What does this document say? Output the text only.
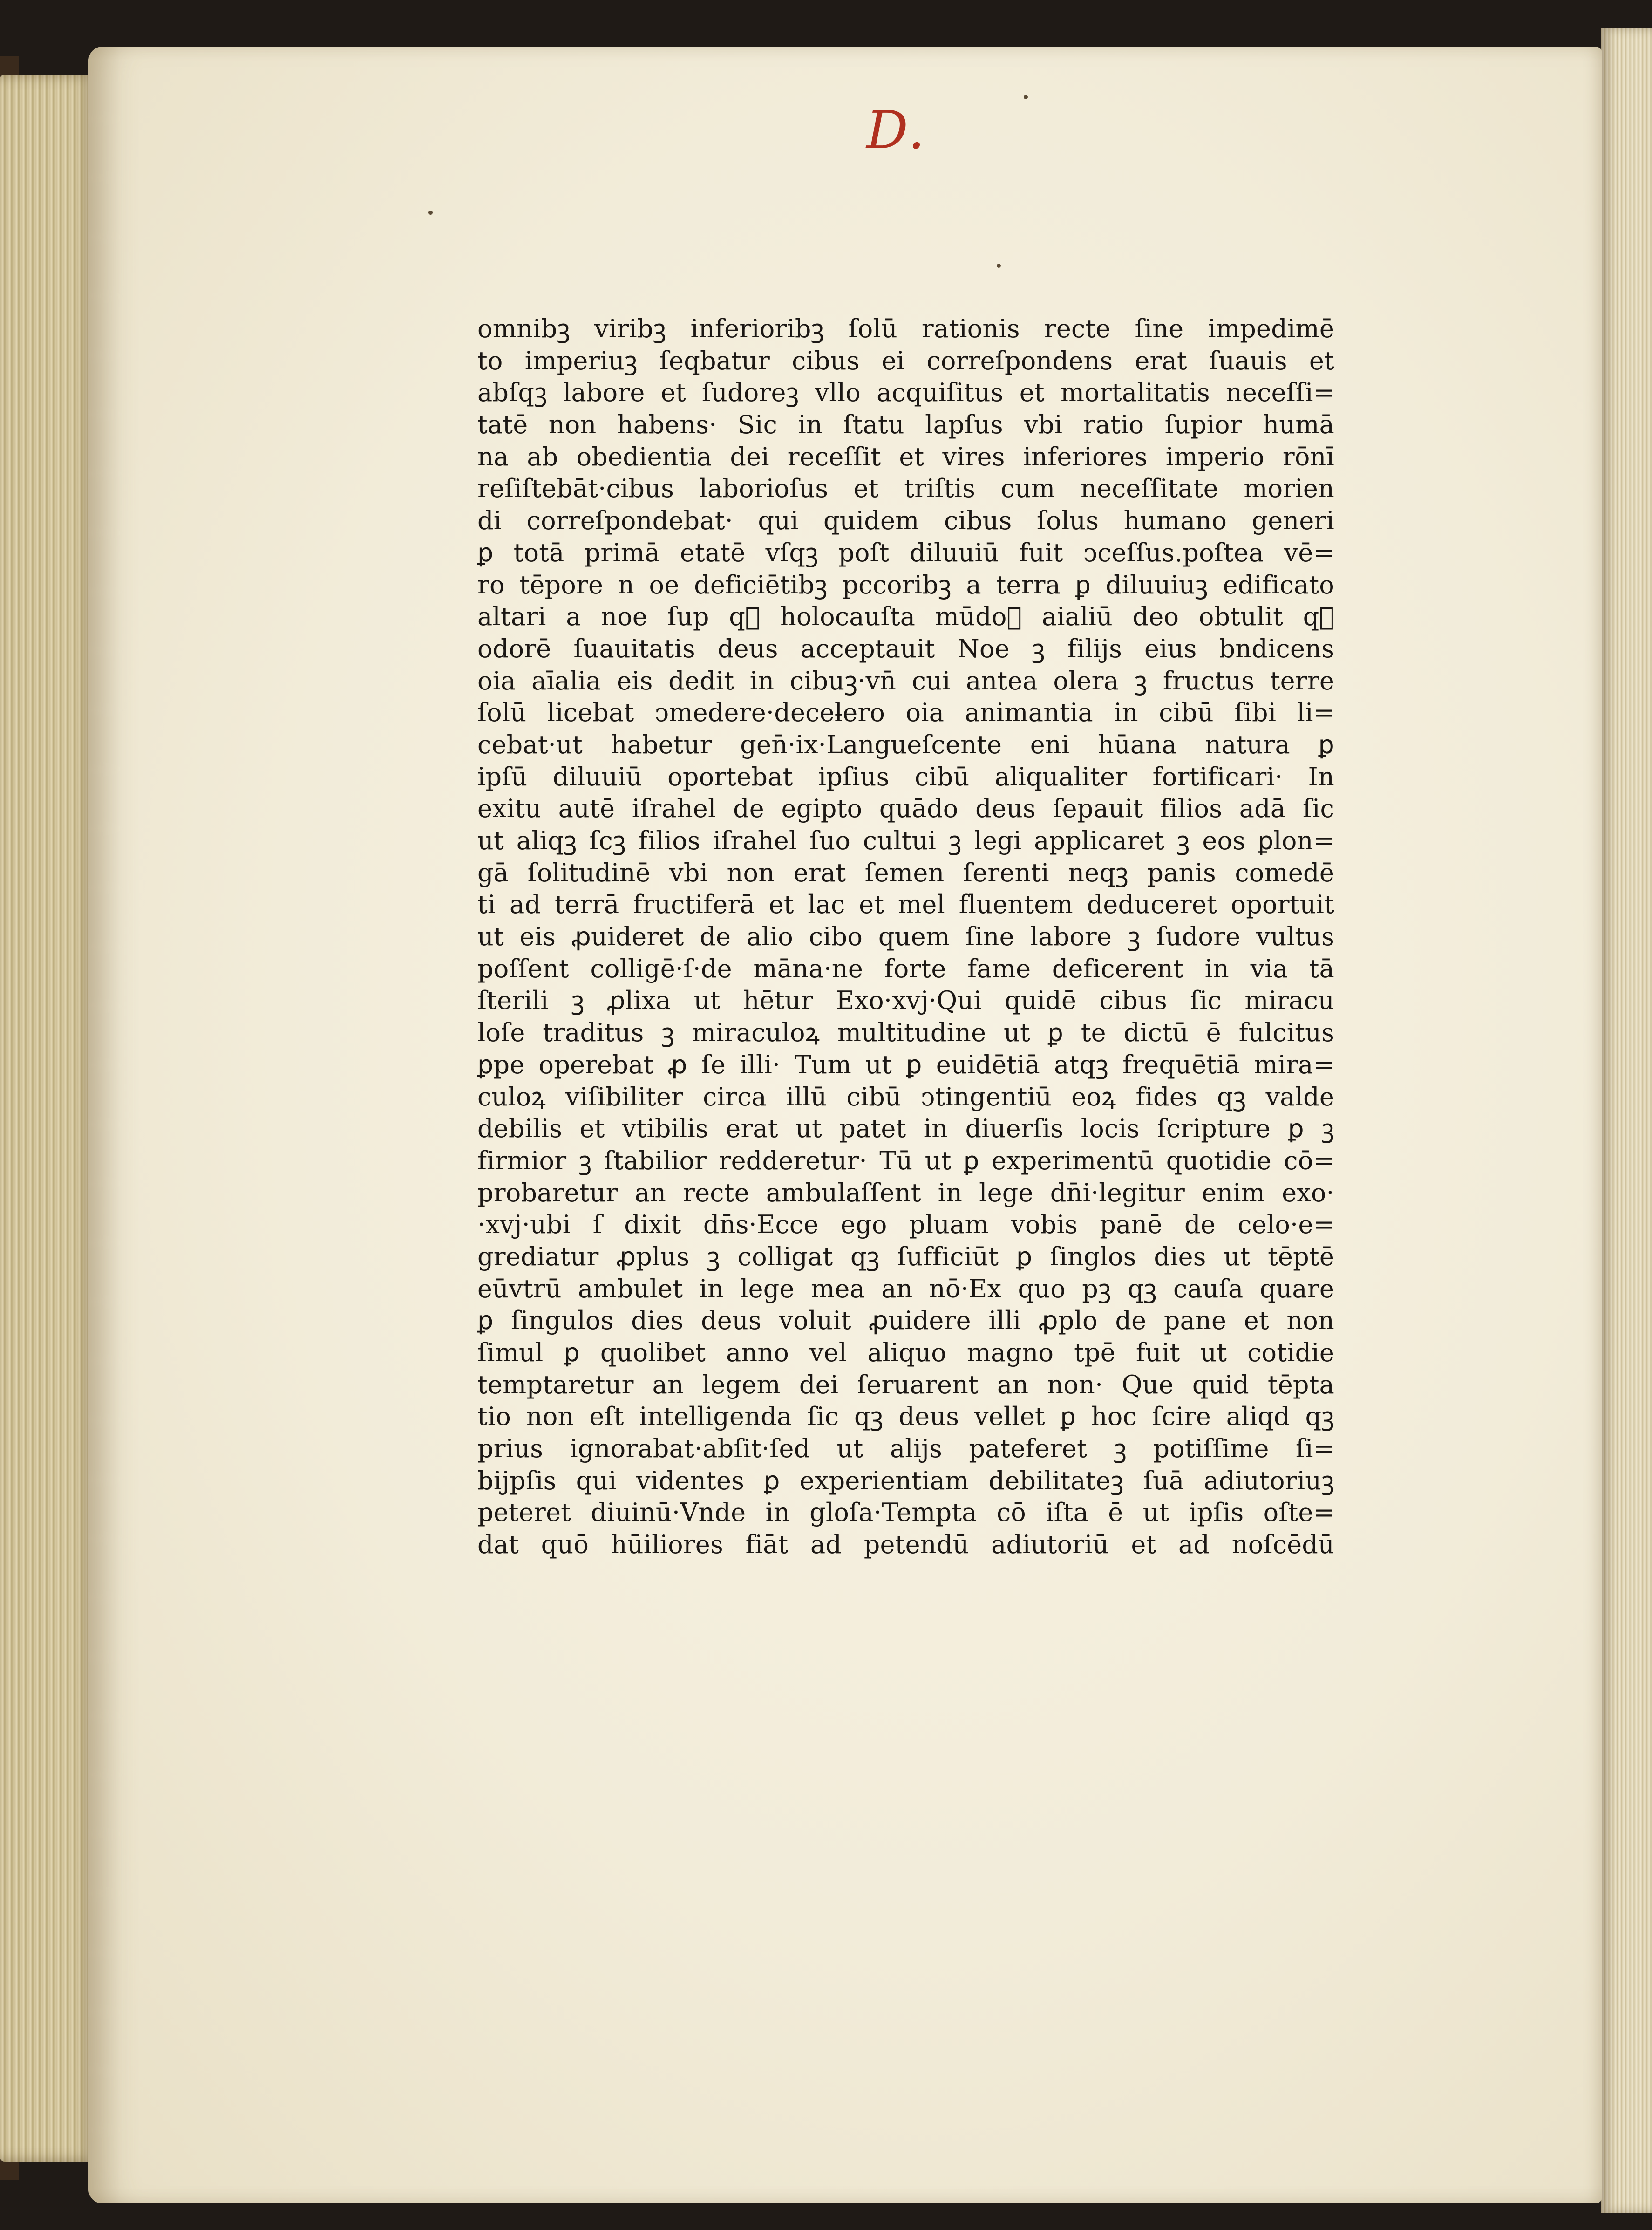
D.
omnibꝫ viribꝫ inferioribꝫ ſolū rationis recte ſine impedimē
to imperiuꝫ ſeqbatur cibus ei correſpondens erat ſuauis et
abſqꝫ labore et ſudoreꝫ vllo acquiſitus et mortalitatis neceſſi=
tatē non habens· Sic in ſtatu lapſus vbi ratio ſupior humā
na ab obedientia dei receſſit et vires inferiores imperio rōnī
reſiſtebāt·cibus laborioſus et triſtis cum neceſſitate morien
di correſpondebat· qui quidem cibus ſolus humano generi
ꝑ totā primā etatē vſqꝫ poſt diluuiū fuit ↄceſſus.poſtea vē=
ro tēpore n oe deficiētibꝫ pccoribꝫ a terra ꝑ diluuiuꝫ edificato
altari a noe ſup qᷓ holocauſta mūdoꝝ aialiū deo obtulit qꝫ
odorē ſuauitatis deus acceptauit Noe ꝫ filijs eius bndicens
oia aīalia eis dedit in cibuꝫ·vn̄ cui antea olera ꝫ fructus terre
ſolū licebat ↄmedere·deceƚero oia animantia in cibū ſibi li=
cebat·ut habetur gen̄·ix·Langueſcente eni hūana natura ꝑ
ipſū diluuiū oportebat ipſius cibū aliqualiter fortificari· In
exitu autē iſrahel de egipto quādo deus ſepauit filios adā ſic
ut aliqꝫ ſcꝫ filios iſrahel ſuo cultui ꝫ legi applicaret ꝫ eos ꝑlon=
gā ſolitudinē vbi non erat ſemen ſerenti neqꝫ panis comedē
ti ad terrā fructiferā et lac et mel fluentem deduceret oportuit
ut eis ꝓuideret de alio cibo quem ſine labore ꝫ ſudore vultus
poſſent colligē·ſ·de māna·ne forte fame deficerent in via tā
ſterili ꝫ ꝓlixa ut hētur Exo·xvj·Qui quidē cibus ſic miracu
loſe traditus ꝫ miraculoꝝ multitudine ut ꝑ te dictū ē fulcitus
ꝑpe operebat ꝓ ſe illi· Tum ut ꝑ euidētiā atqꝫ frequētiā mira=
culoꝝ viſibiliter circa illū cibū ↄtingentiū eoꝝ fides qꝫ valde
debilis et vtibilis erat ut patet in diuerſis locis ſcripture ꝑ ꝫ
firmior ꝫ ſtabilior redderetur· Tū ut ꝑ experimentū quotidie cō=
probaretur an recte ambulaſſent in lege dn̄i·legitur enim exo·
·xvj·ubi ſ dixit dn̄s·Ecce ego pluam vobis panē de celo·e=
grediatur ꝓplus ꝫ colligat qꝫ ſufficiūt ꝑ ſinglos dies ut tēptē
eūvtrū ambulet in lege mea an nō·Ex quo pꝫ qꝫ cauſa quare
ꝑ ſingulos dies deus voluit ꝓuidere illi ꝓplo de pane et non
ſimul ꝑ quolibet anno vel aliquo magno tpē fuit ut cotidie
temptaretur an legem dei ſeruarent an non· Que quid tēpta
tio non eſt intelligenda ſic qꝫ deus vellet ꝑ hoc ſcire aliqd qꝫ
prius ignorabat·abſit·ſed ut alijs pateferet ꝫ potiſſime ſi=
bijpſis qui videntes ꝑ experientiam debilitateꝫ ſuā adiutoriuꝫ
peteret diuinū·Vnde in gloſa·Tempta cō iſta ē ut ipſis oſte=
dat quō hūiliores fiāt ad petendū adiutoriū et ad noſcēdū
